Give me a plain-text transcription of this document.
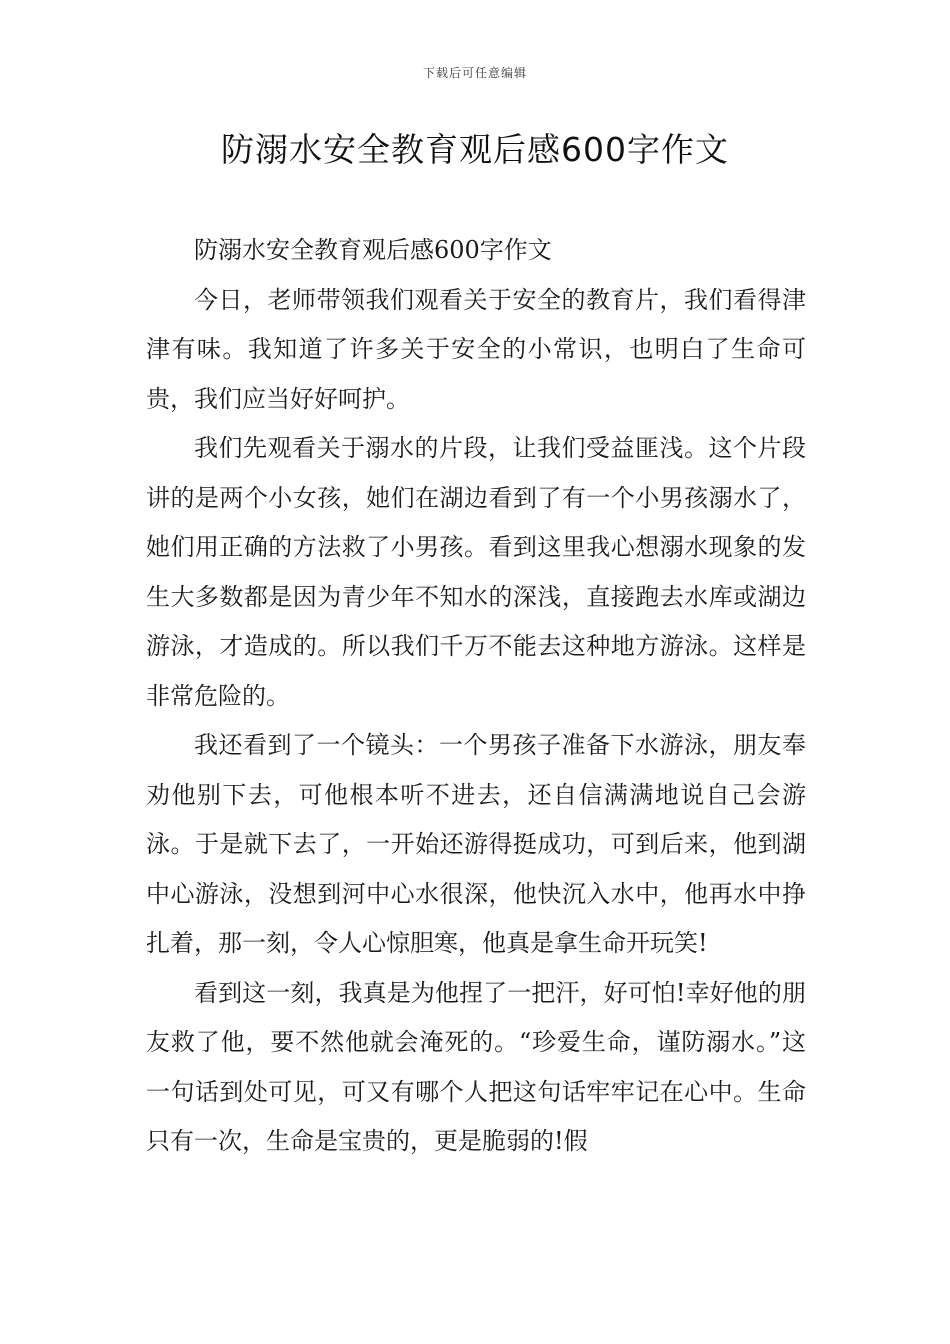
下载后可任意编辑
防溺水安全教育观后感600字作文

防溺水安全教育观后感600字作文

今日，老师带领我们观看关于安全的教育片，我们看得津津有味。我知道了许多关于安全的小常识，也明白了生命可贵，我们应当好好呵护。

我们先观看关于溺水的片段，让我们受益匪浅。这个片段讲的是两个小女孩，她们在湖边看到了有一个小男孩溺水了，她们用正确的方法救了小男孩。看到这里我心想溺水现象的发生大多数都是因为青少年不知水的深浅，直接跑去水库或湖边游泳，才造成的。所以我们千万不能去这种地方游泳。这样是非常危险的。

我还看到了一个镜头：一个男孩子准备下水游泳，朋友奉劝他别下去，可他根本听不进去，还自信满满地说自己会游泳。于是就下去了，一开始还游得挺成功，可到后来，他到湖中心游泳，没想到河中心水很深，他快沉入水中，他再水中挣扎着，那一刻，令人心惊胆寒，他真是拿生命开玩笑!

看到这一刻，我真是为他捏了一把汗，好可怕!幸好他的朋友救了他，要不然他就会淹死的。“珍爱生命，谨防溺水。”这一句话到处可见，可又有哪个人把这句话牢牢记在心中。生命只有一次，生命是宝贵的，更是脆弱的!假
